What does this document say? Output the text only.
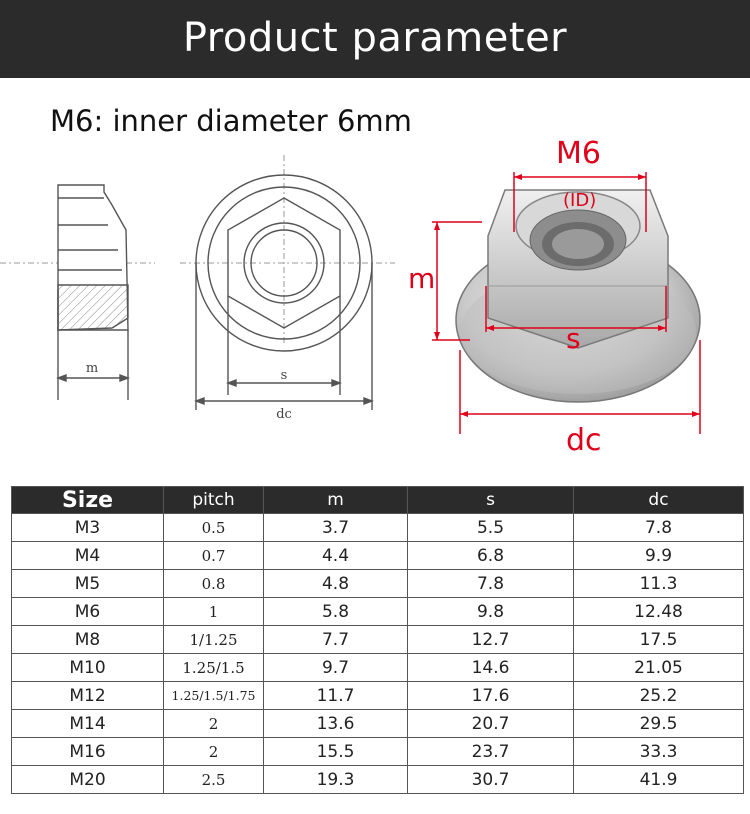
Product parameter
M6: inner diameter 6mm
m	s
dc
M6
(ID)
m
s
dc
Size	pitch	m	s	dc
M3	0.5	3.7	5.5	7.8
M4	0.7	4.4	6.8	9.9
M5	0.8	4.8	7.8	11.3
M6	1	5.8	9.8	12.48
M8	1/1.25	7.7	12.7	17.5
M10	1.25/1.5	9.7	14.6	21.05
M12	1.25/1.5/1.75	11.7	17.6	25.2
M14	2	13.6	20.7	29.5
M16	2	15.5	23.7	33.3
M20	2.5	19.3	30.7	41.9
